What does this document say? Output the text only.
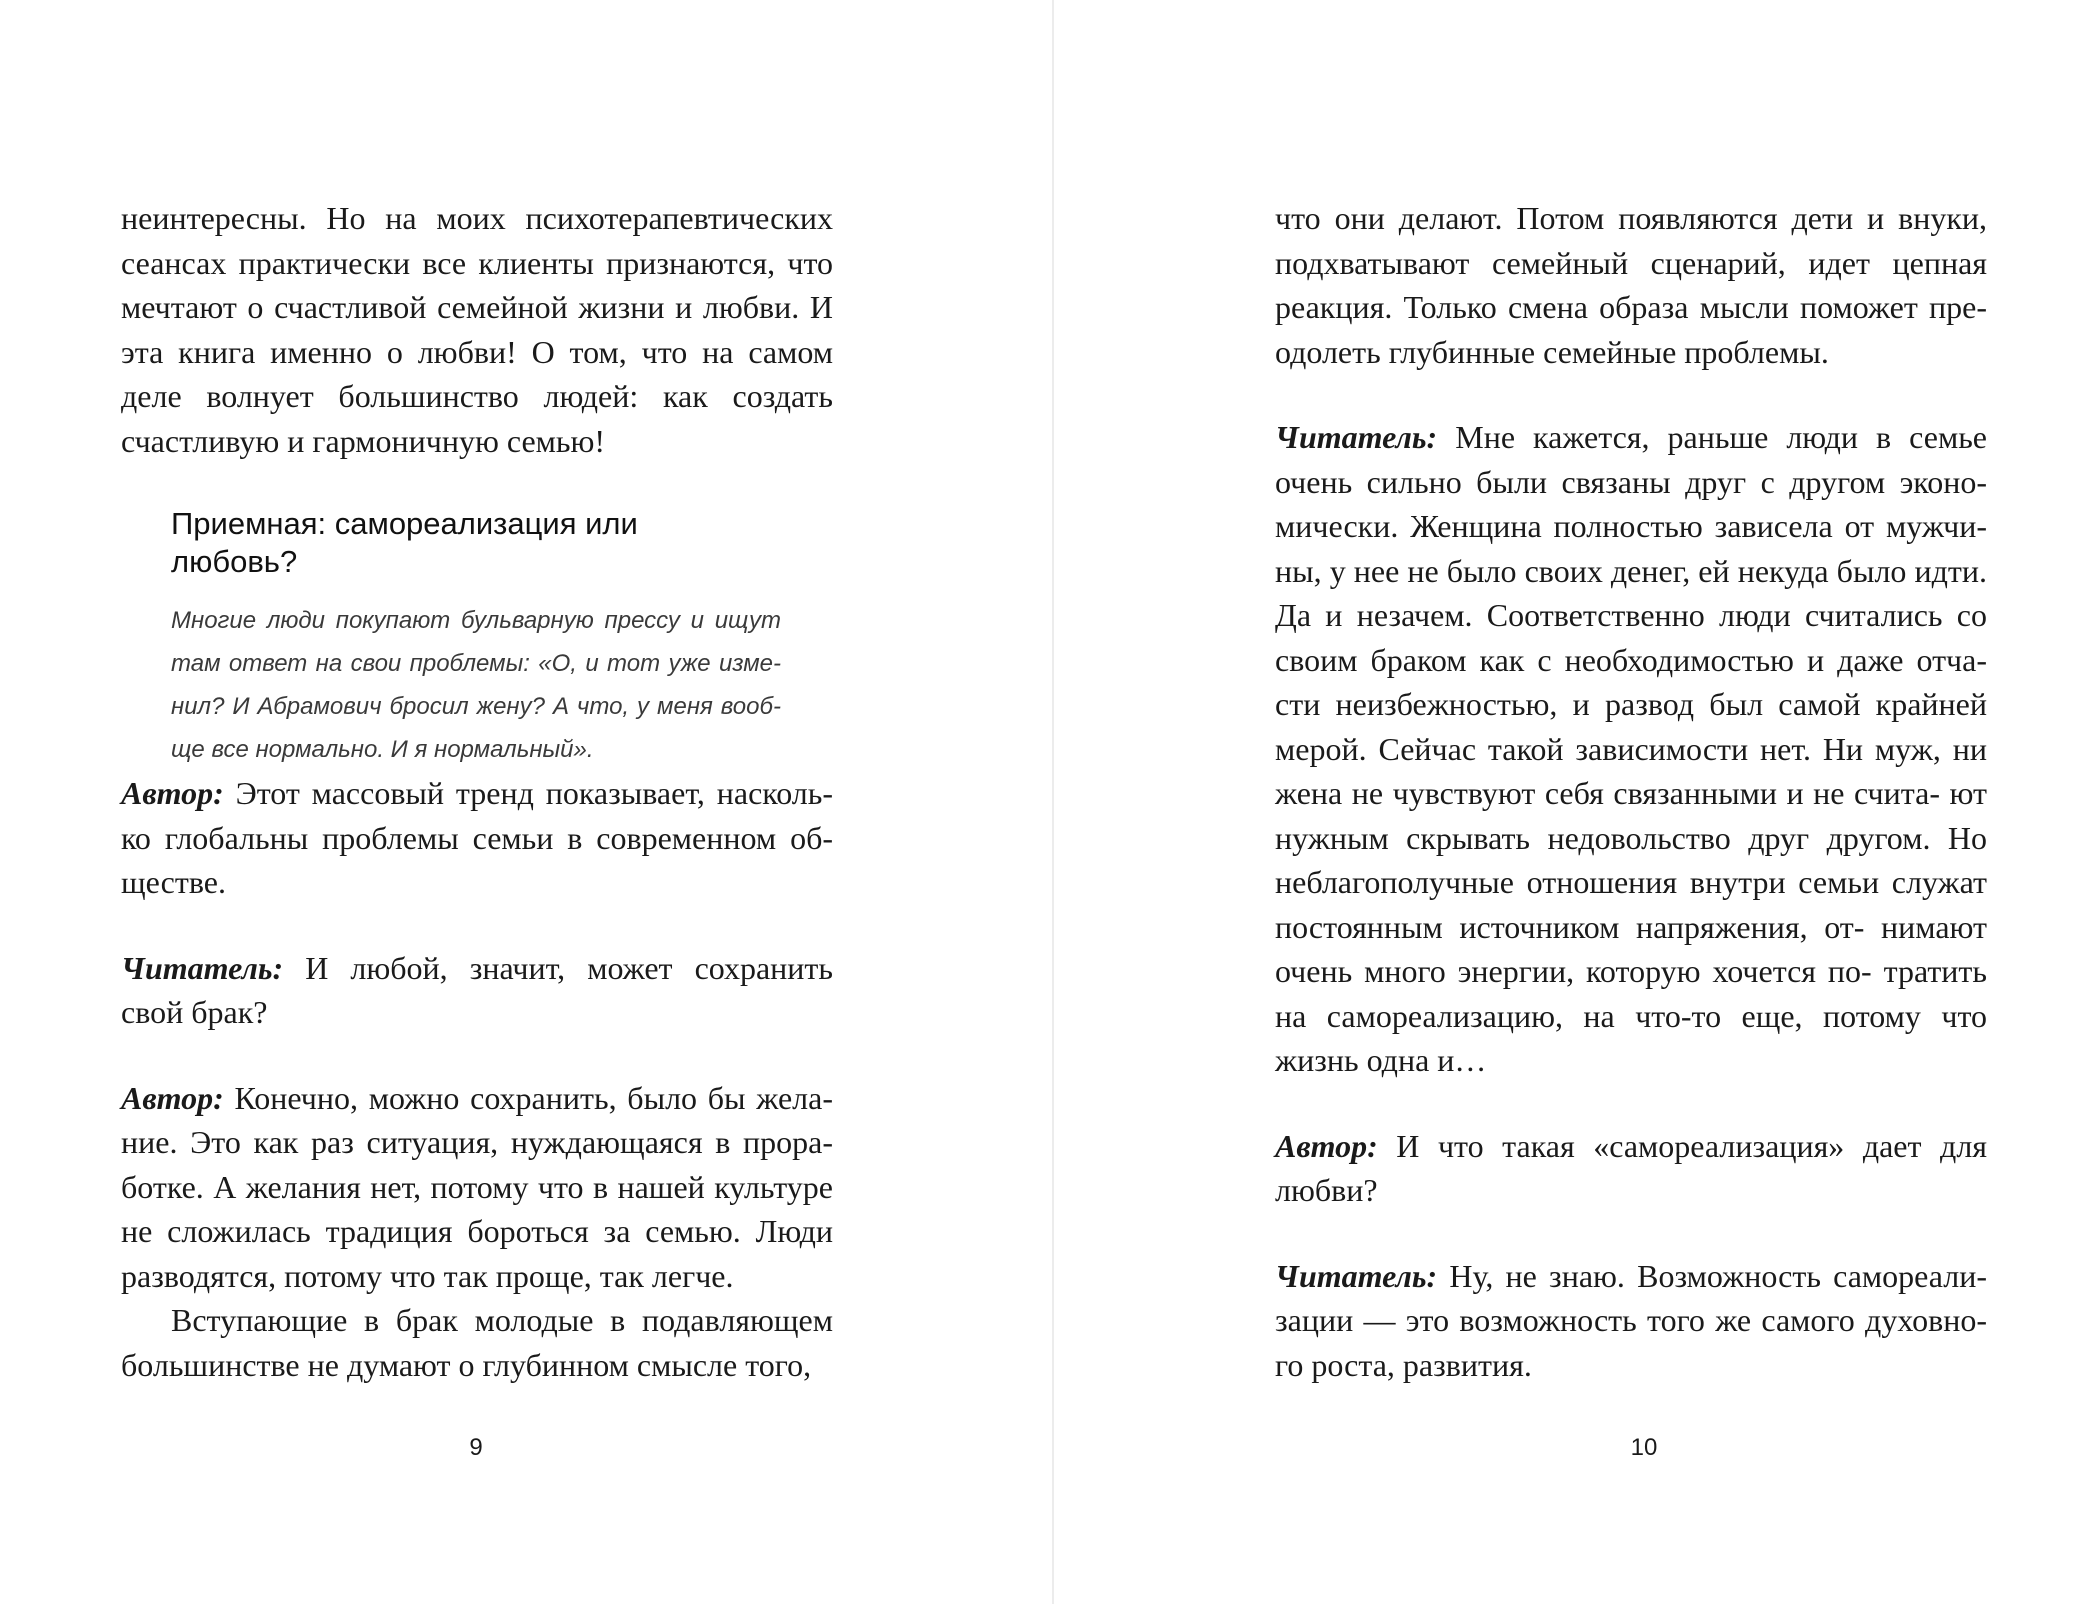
неинтересны. Но на моих психотерапевтических сеансах практически все клиенты признаются, что мечтают о счастливой семейной жизни и любви. И эта книга именно о любви! О том, что на самом деле волнует большинство людей: как создать счастливую и гармоничную семью!

Приемная: самореализация или любовь?
Многие люди покупают бульварную прессу и ищут там ответ на свои проблемы: «О, и тот уже изме- нил? И Абрамович бросил жену? А что, у меня вооб- ще все нормально. И я нормальный».

Автор: Этот массовый тренд показывает, насколь- ко глобальны проблемы семьи в современном об- ществе.

Читатель: И любой, значит, может сохранить свой брак?

Автор: Конечно, можно сохранить, было бы жела- ние. Это как раз ситуация, нуждающаяся в прора- ботке. А желания нет, потому что в нашей культуре не сложилась традиция бороться за семью. Люди разводятся, потому что так проще, так легче.

Вступающие в брак молодые в подавляющем большинстве не думают о глубинном смысле того,

9

что они делают. Потом появляются дети и внуки, подхватывают семейный сценарий, идет цепная реакция. Только смена образа мысли поможет пре- одолеть глубинные семейные проблемы.

Читатель: Мне кажется, раньше люди в семье очень сильно были связаны друг с другом эконо- мически. Женщина полностью зависела от мужчи- ны, у нее не было своих денег, ей некуда было идти. Да и незачем. Соответственно люди считались со своим браком как с необходимостью и даже отча- сти неизбежностью, и развод был самой крайней мерой. Сейчас такой зависимости нет. Ни муж, ни жена не чувствуют себя связанными и не счита- ют нужным скрывать недовольство друг другом. Но неблагополучные отношения внутри семьи служат постоянным источником напряжения, от- нимают очень много энергии, которую хочется по- тратить на самореализацию, на что-то еще, потому что жизнь одна и…

Автор: И что такая «самореализация» дает для любви?

Читатель: Ну, не знаю. Возможность самореали- зации — это возможность того же самого духовно- го роста, развития.

10
